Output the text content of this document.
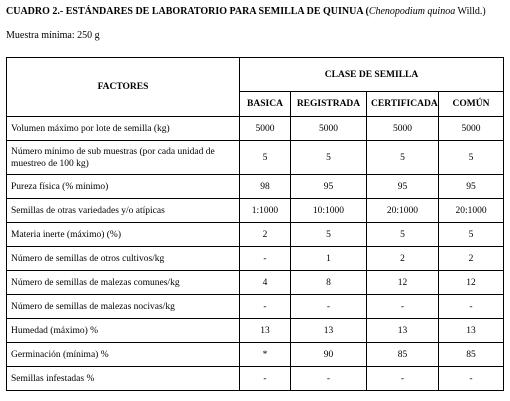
CUADRO 2.- ESTÁNDARES DE LABORATORIO PARA SEMILLA DE QUINUA (Chenopodium quinoa Willd.)
Muestra mínima: 250 g
FACTORES	CLASE DE SEMILLA			
	BASICA	REGISTRADA	CERTIFICADA	COMÚN
Volumen máximo por lote de semilla (kg)	5000	5000	5000	5000
Número mínimo de sub muestras (por cada unidad de muestreo de 100 kg)	5	5	5	5
Pureza física (% mínimo)	98	95	95	95
Semillas de otras variedades y/o atípicas	1:1000	10:1000	20:1000	20:1000
Materia inerte (máximo) (%)	2	5	5	5
Número de semillas de otros cultivos/kg	-	1	2	2
Número de semillas de malezas comunes/kg	4	8	12	12
Número de semillas de malezas nocivas/kg	-	-	-	-
Humedad (máximo) %	13	13	13	13
Germinación (mínima) %	*	90	85	85
Semillas infestadas %	-	-	-	-
